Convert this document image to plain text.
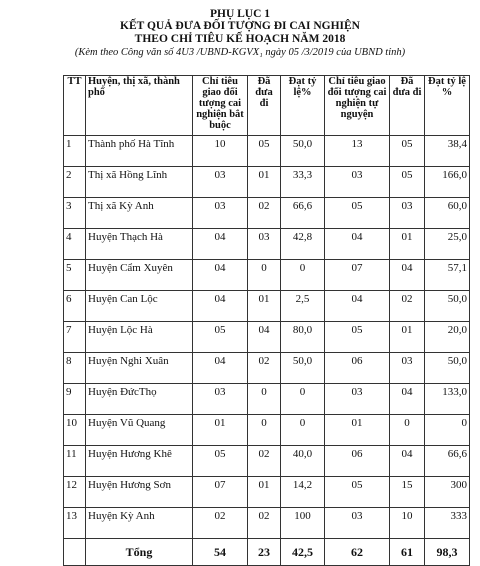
PHỤ LỤC 1
KẾT QUẢ ĐƯA ĐỐI TƯỢNG ĐI CAI NGHIỆN
THEO CHỈ TIÊU KẾ HOẠCH NĂM 2018
(Kèm theo Công văn số 4U3 /UBND-KGVX₁ ngày 05 /3/2019 của UBND tỉnh)
TT	Huyện, thị xã, thành phố	Chỉ tiêu giao đối tượng cai nghiện bắt buộc	Đã đưa đi	Đạt tỷ lệ%	Chỉ tiêu giao đối tượng cai nghiện tự nguyện	Đã đưa đi	Đạt tỷ lệ %
1	Thành phố Hà Tĩnh	10	05	50,0	13	05	38,4
2	Thị xã Hồng Lĩnh	03	01	33,3	03	05	166,0
3	Thị xã Kỳ Anh	03	02	66,6	05	03	60,0
4	Huyện Thạch Hà	04	03	42,8	04	01	25,0
5	Huyện Cẩm Xuyên	04	0	0	07	04	57,1
6	Huyện Can Lộc	04	01	2,5	04	02	50,0
7	Huyện Lộc Hà	05	04	80,0	05	01	20,0
8	Huyện Nghi Xuân	04	02	50,0	06	03	50,0
9	Huyện ĐứcThọ	03	0	0	03	04	133,0
10	Huyện Vũ Quang	01	0	0	01	0	0
11	Huyện Hương Khê	05	02	40,0	06	04	66,6
12	Huyện Hương Sơn	07	01	14,2	05	15	300
13	Huyện Kỳ Anh	02	02	100	03	10	333
	Tổng	54	23	42,5	62	61	98,3
